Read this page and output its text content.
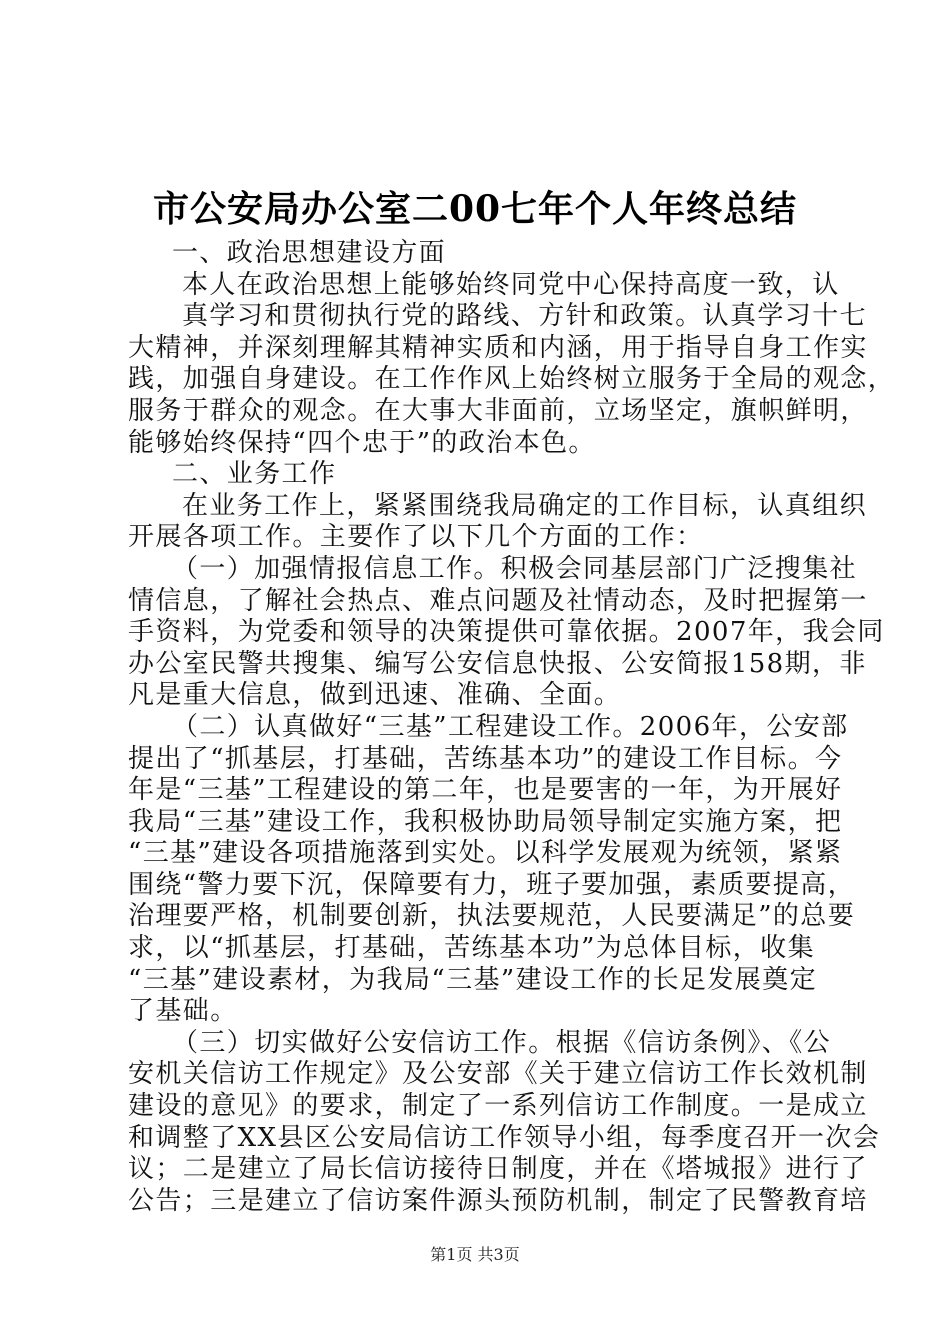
市公安局办公室二00七年个人年终总结
一、政治思想建设方面
本人在政治思想上能够始终同党中心保持高度一致，认
真学习和贯彻执行党的路线、方针和政策。认真学习十七
大精神，并深刻理解其精神实质和内涵，用于指导自身工作实
践，加强自身建设。在工作作风上始终树立服务于全局的观念，
服务于群众的观念。在大事大非面前，立场坚定，旗帜鲜明，
能够始终保持“四个忠于”的政治本色。
二、业务工作
在业务工作上，紧紧围绕我局确定的工作目标，认真组织
开展各项工作。主要作了以下几个方面的工作：
（一）加强情报信息工作。积极会同基层部门广泛搜集社
情信息，了解社会热点、难点问题及社情动态，及时把握第一
手资料，为党委和领导的决策提供可靠依据。2007年，我会同
办公室民警共搜集、编写公安信息快报、公安简报158期，非
凡是重大信息，做到迅速、准确、全面。
（二）认真做好“三基”工程建设工作。2006年，公安部
提出了“抓基层，打基础，苦练基本功”的建设工作目标。今
年是“三基”工程建设的第二年，也是要害的一年，为开展好
我局“三基”建设工作，我积极协助局领导制定实施方案，把
“三基”建设各项措施落到实处。以科学发展观为统领，紧紧
围绕“警力要下沉，保障要有力，班子要加强，素质要提高，
治理要严格，机制要创新，执法要规范，人民要满足”的总要
求，以“抓基层，打基础，苦练基本功”为总体目标，收集
“三基”建设素材，为我局“三基”建设工作的长足发展奠定
了基础。
（三）切实做好公安信访工作。根据《信访条例》、《公
安机关信访工作规定》及公安部《关于建立信访工作长效机制
建设的意见》的要求，制定了一系列信访工作制度。一是成立
和调整了XX县区公安局信访工作领导小组，每季度召开一次会
议；二是建立了局长信访接待日制度，并在《塔城报》进行了
公告；三是建立了信访案件源头预防机制，制定了民警教育培
第1页 共3页
